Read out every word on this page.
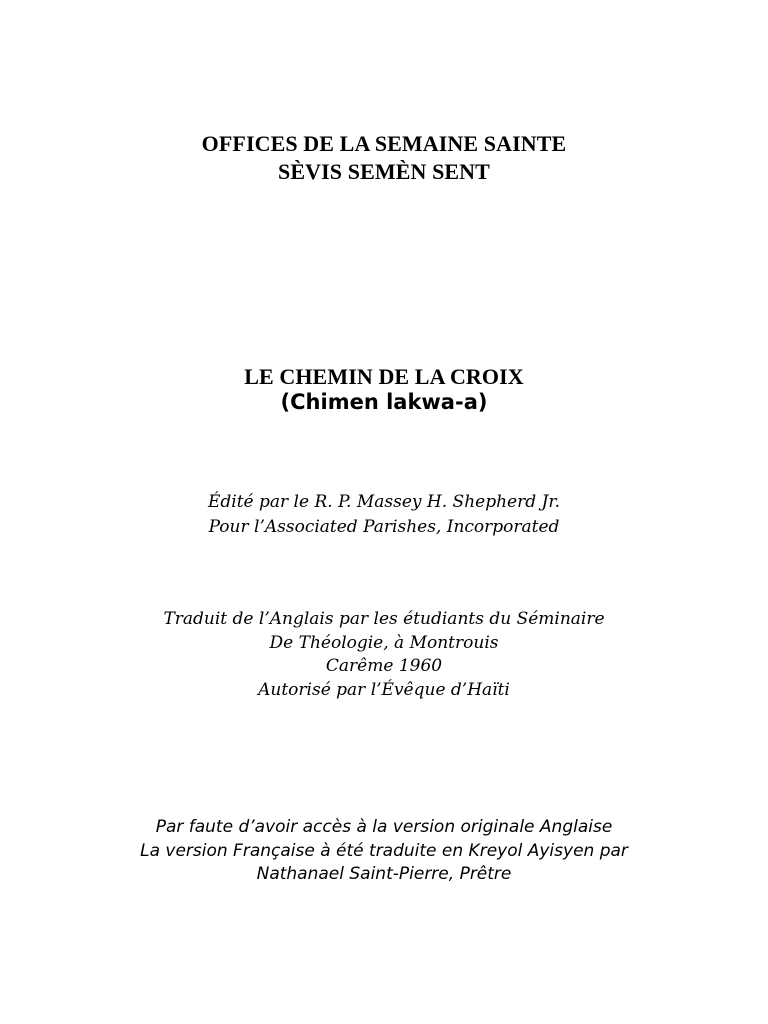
OFFICES DE LA SEMAINE SAINTE
SÈVIS SEMÈN SENT
LE CHEMIN DE LA CROIX
(Chimen lakwa-a)
Édité par le R. P. Massey H. Shepherd Jr.
Pour l’Associated Parishes, Incorporated
Traduit de l’Anglais par les étudiants du Séminaire
De Théologie, à Montrouis
Carême 1960
Autorisé par l’Évêque d’Haïti
Par faute d’avoir accès à la version originale Anglaise
La version Française à été traduite en Kreyol Ayisyen par
Nathanael Saint-Pierre, Prêtre
